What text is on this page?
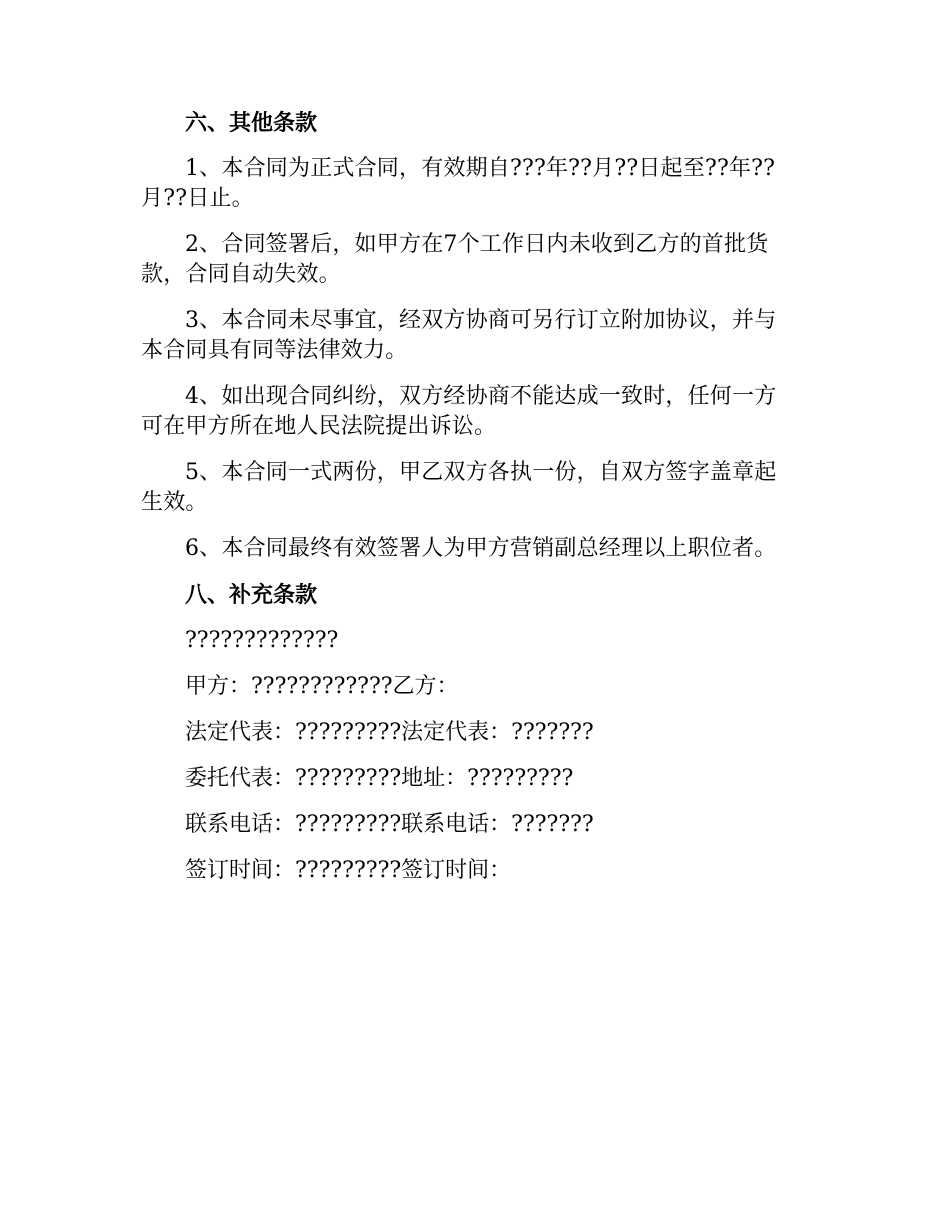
六、其他条款

1、本合同为正式合同，有效期自???年??月??日起至??年??月??日止。

2、合同签署后，如甲方在7个工作日内未收到乙方的首批货款，合同自动失效。

3、本合同未尽事宜，经双方协商可另行订立附加协议，并与本合同具有同等法律效力。

4、如出现合同纠纷，双方经协商不能达成一致时，任何一方可在甲方所在地人民法院提出诉讼。

5、本合同一式两份，甲乙双方各执一份，自双方签字盖章起生效。

6、本合同最终有效签署人为甲方营销副总经理以上职位者。

八、补充条款

?????????????

甲方：????????????乙方：

法定代表：?????????法定代表：???????

委托代表：?????????地址：?????????

联系电话：?????????联系电话：???????

签订时间：?????????签订时间：
